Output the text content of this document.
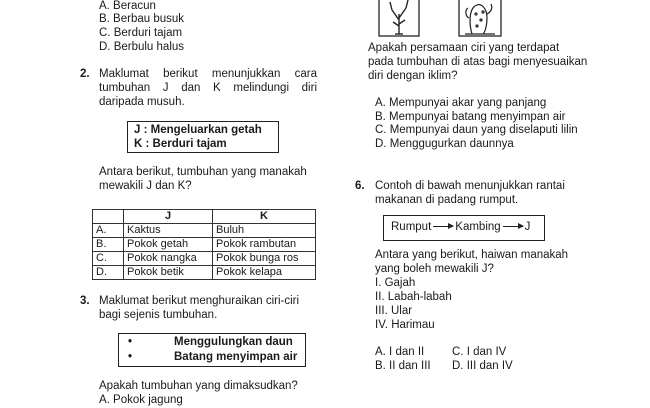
A. Beracun
B. Berbau busuk
C. Berduri tajam
D. Berbulu halus
2. Maklumat berikut menunjukkan cara
tumbuhan J dan K melindungi diri
daripada musuh.
J : Mengeluarkan getah
K : Berduri tajam
Antara berikut, tumbuhan yang manakah
mewakili J dan K?
	J	K
A.	Kaktus	Buluh
B.	Pokok getah	Pokok rambutan
C.	Pokok nangka	Pokok bunga ros
D.	Pokok betik	Pokok kelapa
3. Maklumat berikut menghuraikan ciri-ciri
bagi sejenis tumbuhan.
•	Menggulungkan daun
•	Batang menyimpan air
Apakah tumbuhan yang dimaksudkan?
A. Pokok jagung
Apakah persamaan ciri yang terdapat
pada tumbuhan di atas bagi menyesuaikan
diri dengan iklim?
A. Mempunyai akar yang panjang
B. Mempunyai batang menyimpan air
C. Mempunyai daun yang diselaputi lilin
D. Menggugurkan daunnya
6. Contoh di bawah menunjukkan rantai
makanan di padang rumput.
Rumput Kambing J
Antara yang berikut, haiwan manakah
yang boleh mewakili J?
I. Gajah
II. Labah-labah
III. Ular
IV. Harimau
A. I dan II C. I dan IV
B. II dan III D. III dan IV
